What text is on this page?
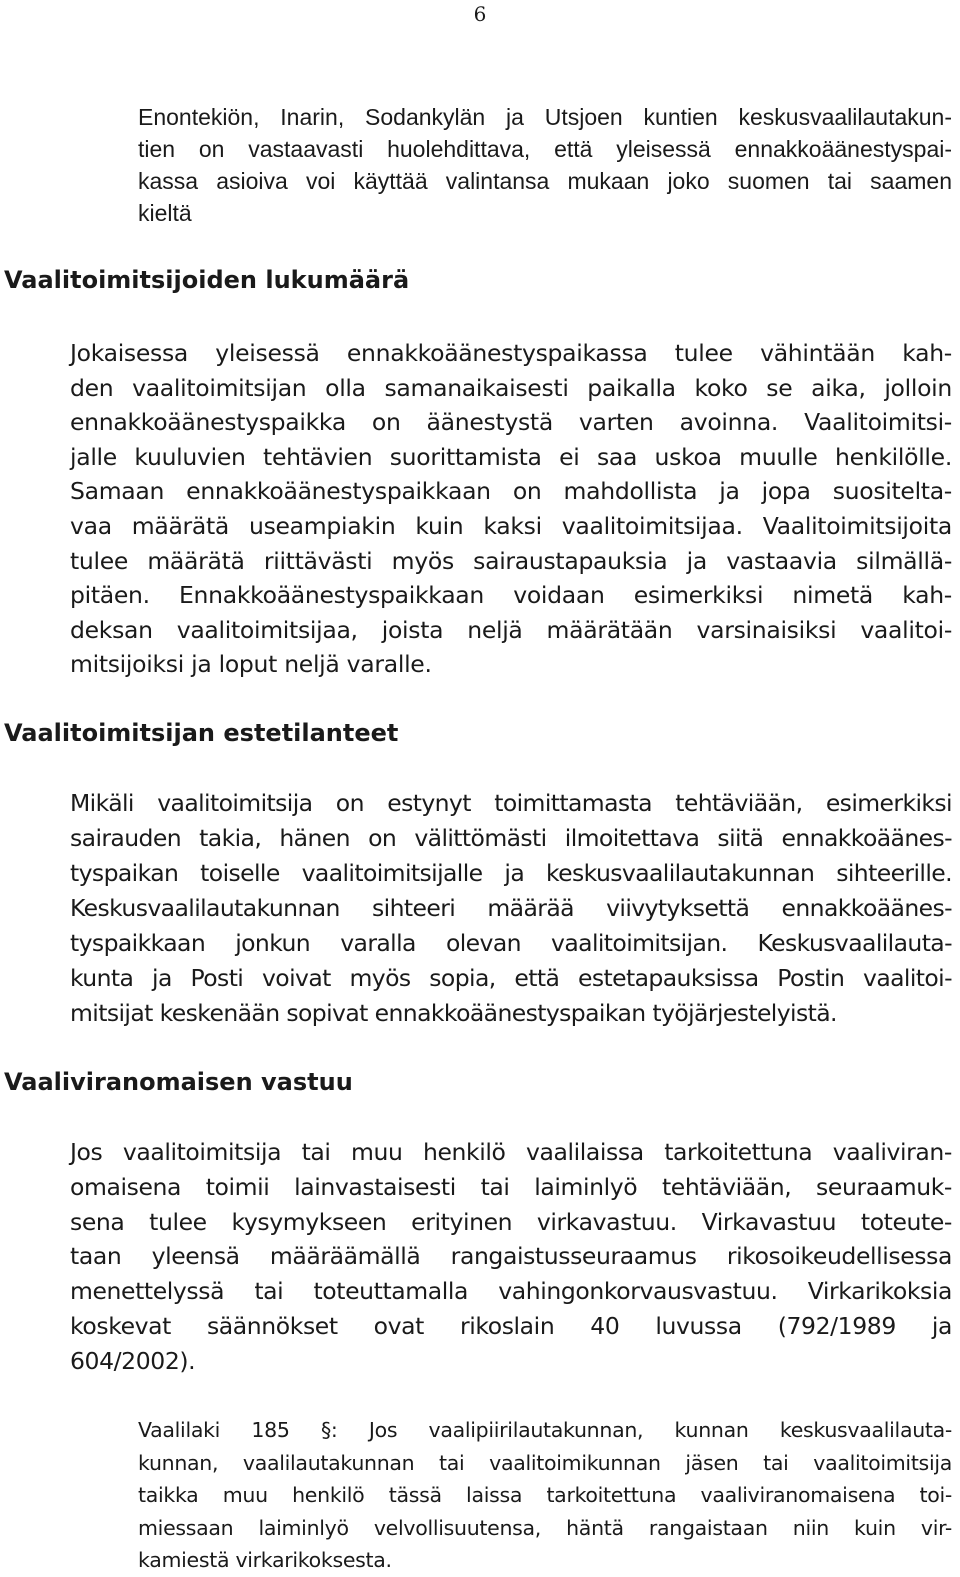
6
Enontekiön, Inarin, Sodankylän ja Utsjoen kuntien keskusvaalilautakun-
tien on vastaavasti huolehdittava, että yleisessä ennakkoäänestyspai-
kassa asioiva voi käyttää valintansa mukaan joko suomen tai saamen
kieltä
Vaalitoimitsijoiden lukumäärä
Jokaisessa yleisessä ennakkoäänestyspaikassa tulee vähintään kah-
den vaalitoimitsijan olla samanaikaisesti paikalla koko se aika, jolloin
ennakkoäänestyspaikka on äänestystä varten avoinna. Vaalitoimitsi-
jalle kuuluvien tehtävien suorittamista ei saa uskoa muulle henkilölle.
Samaan ennakkoäänestyspaikkaan on mahdollista ja jopa suositelta-
vaa määrätä useampiakin kuin kaksi vaalitoimitsijaa. Vaalitoimitsijoita
tulee määrätä riittävästi myös sairaustapauksia ja vastaavia silmällä-
pitäen. Ennakkoäänestyspaikkaan voidaan esimerkiksi nimetä kah-
deksan vaalitoimitsijaa, joista neljä määrätään varsinaisiksi vaalitoi-
mitsijoiksi ja loput neljä varalle.
Vaalitoimitsijan estetilanteet
Mikäli vaalitoimitsija on estynyt toimittamasta tehtäviään, esimerkiksi
sairauden takia, hänen on välittömästi ilmoitettava siitä ennakkoäänes-
tyspaikan toiselle vaalitoimitsijalle ja keskusvaalilautakunnan sihteerille.
Keskusvaalilautakunnan sihteeri määrää viivytyksettä ennakkoäänes-
tyspaikkaan jonkun varalla olevan vaalitoimitsijan. Keskusvaalilauta-
kunta ja Posti voivat myös sopia, että estetapauksissa Postin vaalitoi-
mitsijat keskenään sopivat ennakkoäänestyspaikan työjärjestelyistä.
Vaaliviranomaisen vastuu
Jos vaalitoimitsija tai muu henkilö vaalilaissa tarkoitettuna vaaliviran-
omaisena toimii lainvastaisesti tai laiminlyö tehtäviään, seuraamuk-
sena tulee kysymykseen erityinen virkavastuu. Virkavastuu toteute-
taan yleensä määräämällä rangaistusseuraamus rikosoikeudellisessa
menettelyssä tai toteuttamalla vahingonkorvausvastuu. Virkarikoksia
koskevat säännökset ovat rikoslain 40 luvussa (792/1989 ja
604/2002).
Vaalilaki 185 §: Jos vaalipiirilautakunnan, kunnan keskusvaalilauta-
kunnan, vaalilautakunnan tai vaalitoimikunnan jäsen tai vaalitoimitsija
taikka muu henkilö tässä laissa tarkoitettuna vaaliviranomaisena toi-
miessaan laiminlyö velvollisuutensa, häntä rangaistaan niin kuin vir-
kamiestä virkarikoksesta.
